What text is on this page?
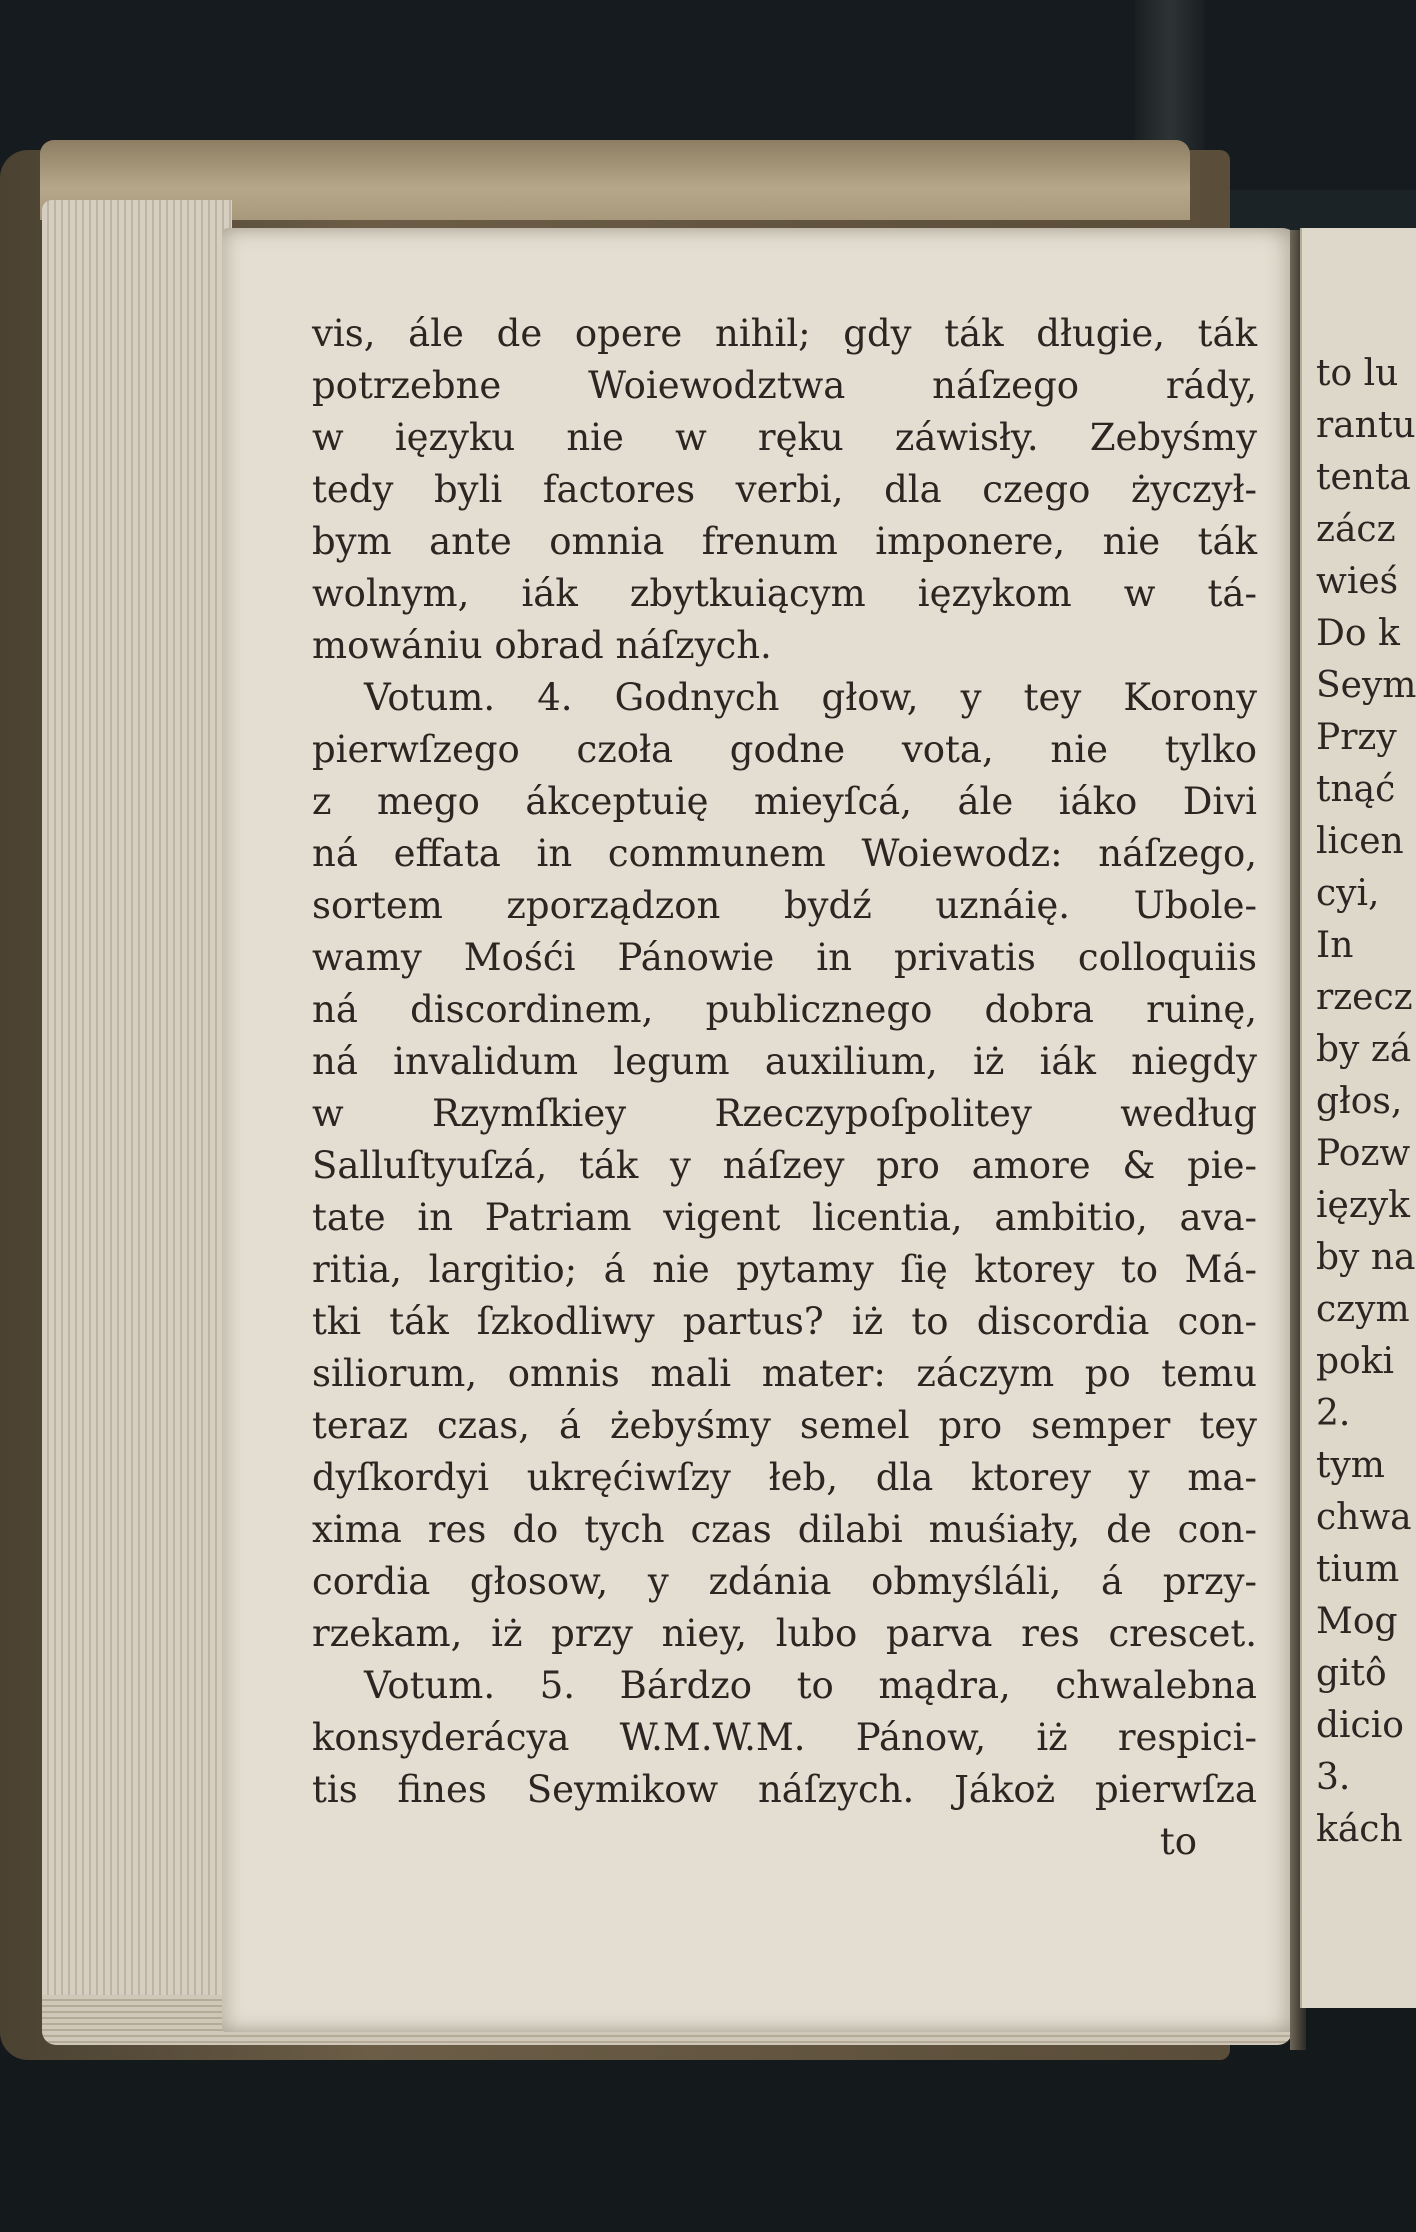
vis, ále de opere nihil; gdy ták długie, ták
potrzebne Woiewodztwa náſzego rády,
w ięzyku nie w ręku záwisły. Zebyśmy
tedy byli factores verbi, dla czego życzył-
bym ante omnia frenum imponere, nie ták
wolnym, iák zbytkuiącym ięzykom w tá-
mowániu obrad náſzych.
Votum. 4. Godnych głow, y tey Korony
pierwſzego czoła godne vota, nie tylko
z mego ákceptuię mieyſcá, ále iáko Divi
ná effata in communem Woiewodz: náſzego,
sortem zporządzon bydź uznáię. Ubole-
wamy Mośći Pánowie in privatis colloquiis
ná discordinem, publicznego dobra ruinę,
ná invalidum legum auxilium, iż iák niegdy
w Rzymſkiey Rzeczypoſpolitey według
Salluſtyuſzá, ták y náſzey pro amore & pie-
tate in Patriam vigent licentia, ambitio, ava-
ritia, largitio; á nie pytamy ſię ktorey to Má-
tki ták ſzkodliwy partus? iż to discordia con-
siliorum, omnis mali mater: záczym po temu
teraz czas, á żebyśmy semel pro semper tey
dyſkordyi ukręćiwſzy łeb, dla ktorey y ma-
xima res do tych czas dilabi muśiały, de con-
cordia głosow, y zdánia obmyśláli, á przy-
rzekam, iż przy niey, lubo parva res crescet.
Votum. 5. Bárdzo to mądra, chwalebna
konsyderácya W.M.W.M. Pánow, iż respici-
tis fines Seymikow náſzych. Jákoż pierwſza
to
to lu
rantu
tenta
zácz
wieś
Do k
Seym
Przy
tnąć
licen
cyi,
In
rzecz
by zá
głos,
Pozw
ięzyk
by na
czym
poki
2.
tym
chwa
tium
Mog
gitô
dicio
3.
kách
